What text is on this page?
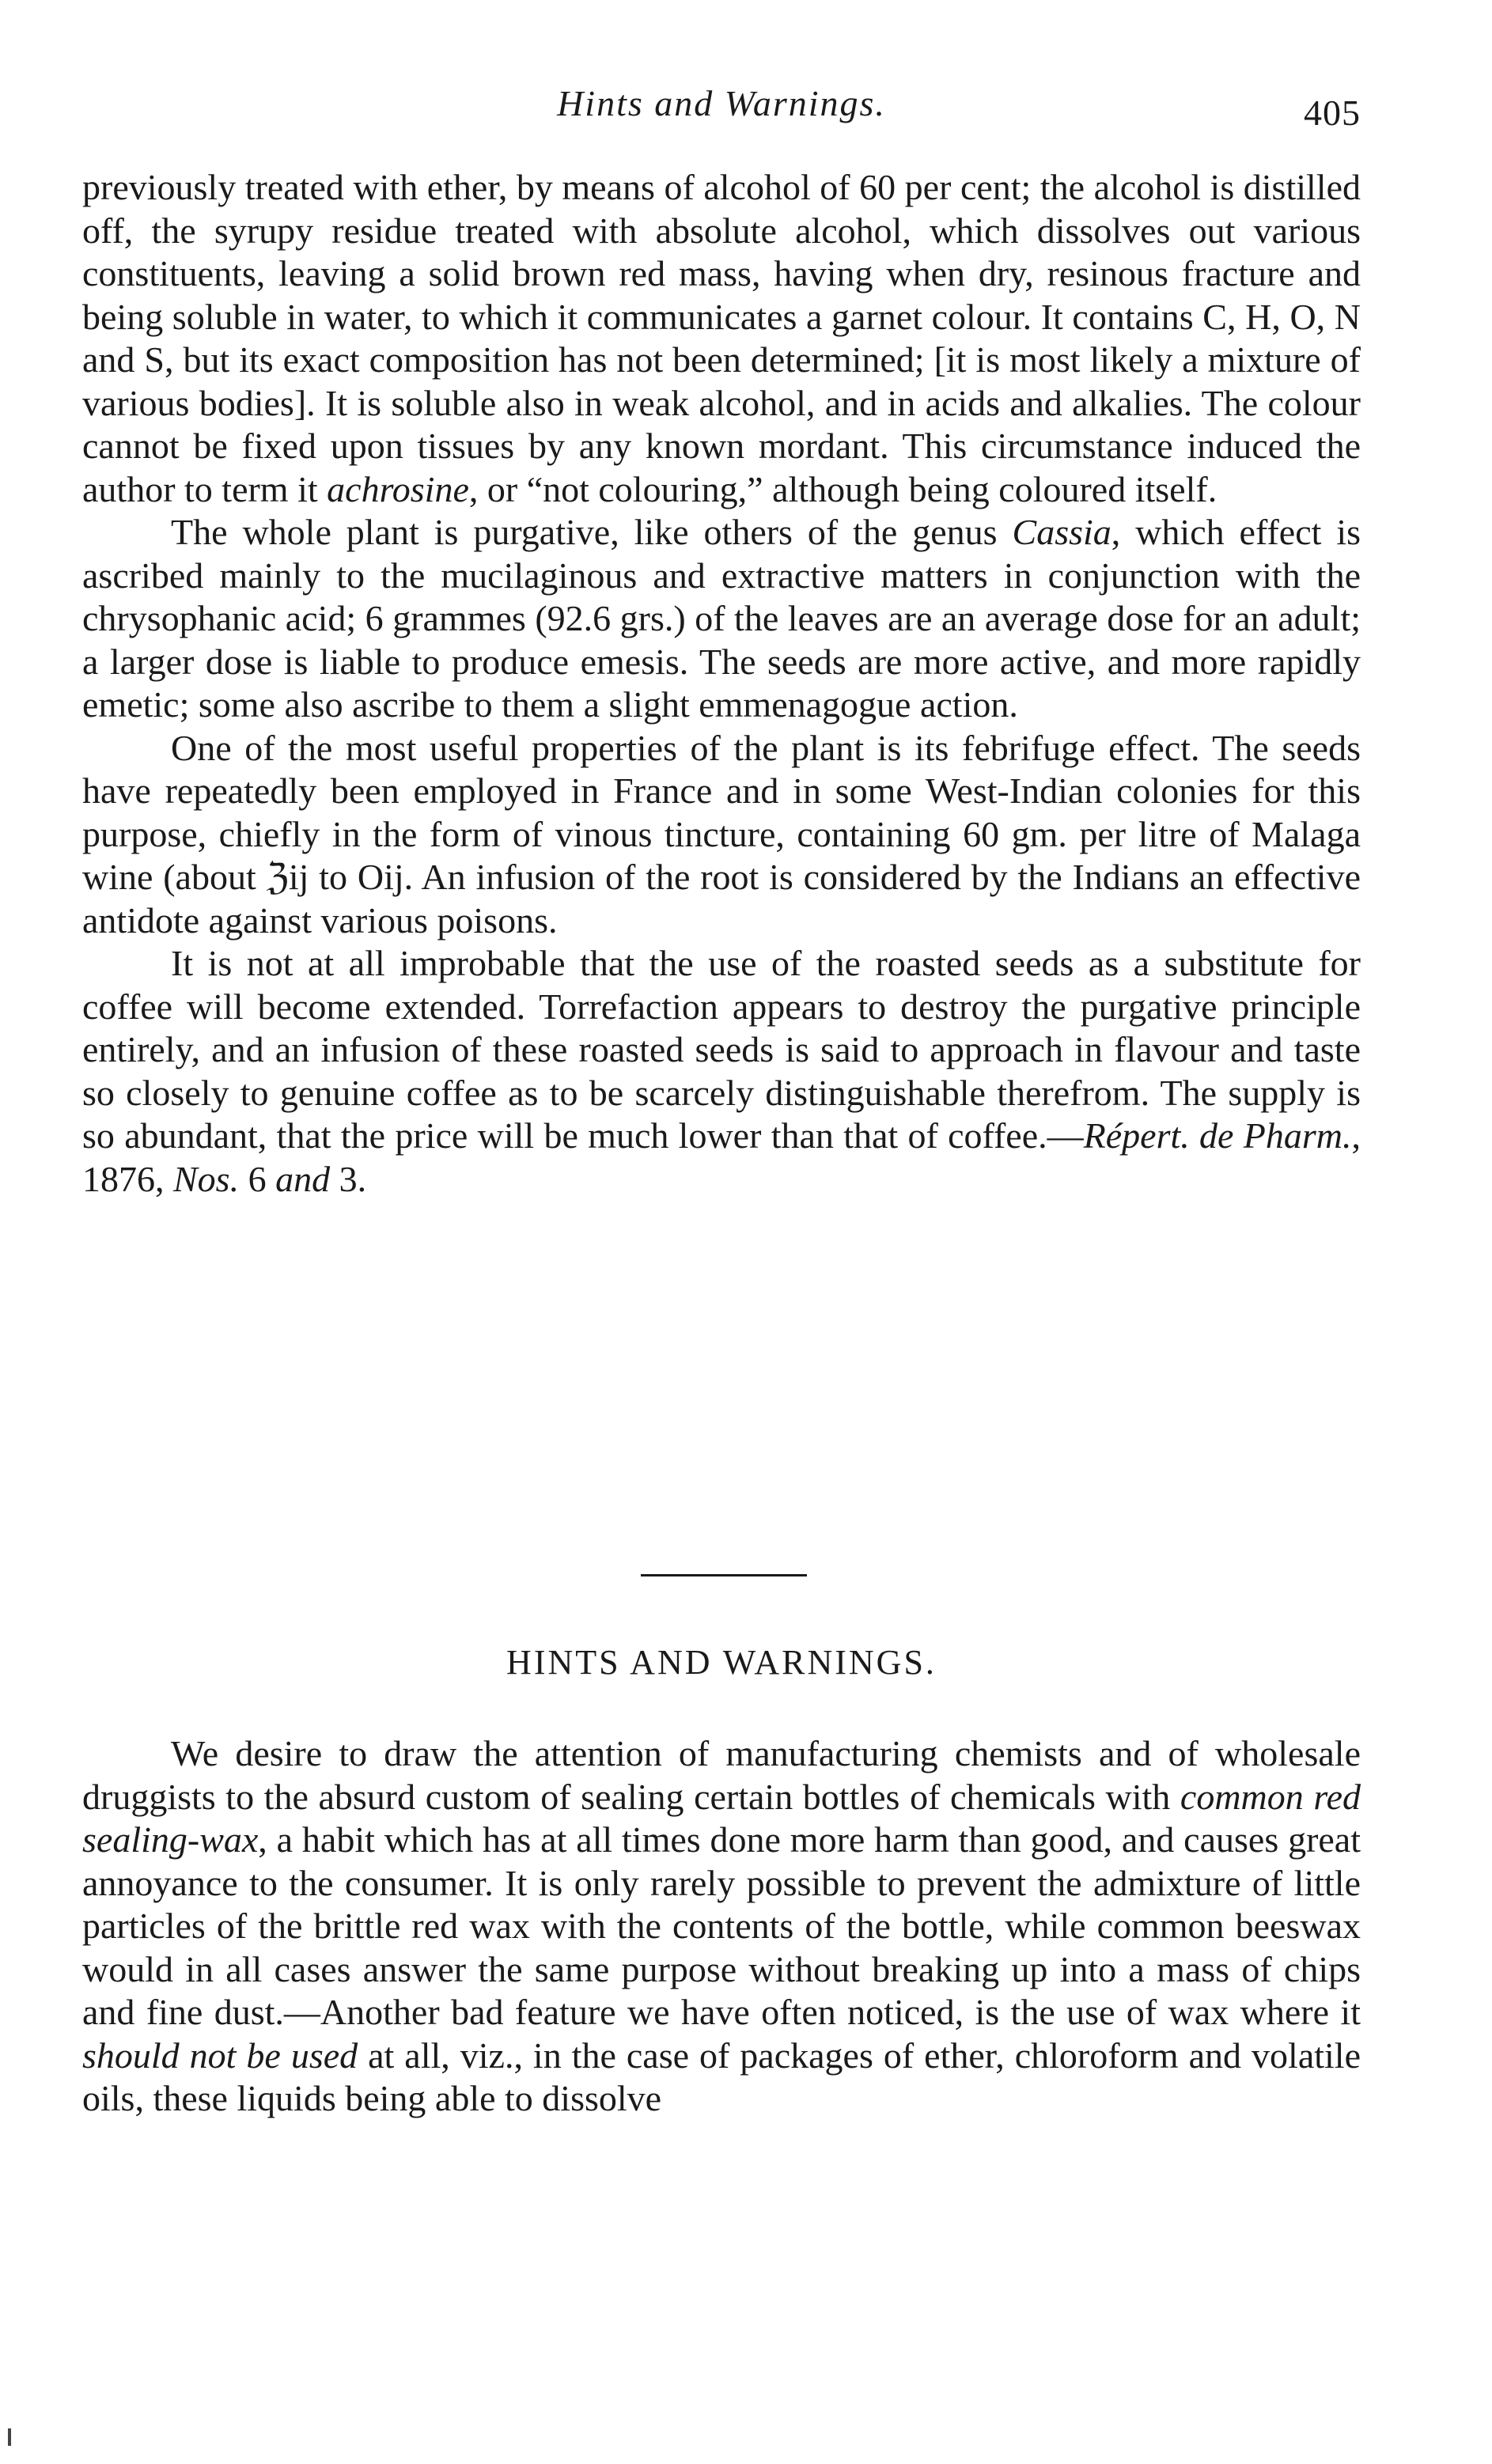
Hints and Warnings.	405

previously treated with ether, by means of alcohol of 60 per cent; the alcohol is distilled off, the syrupy residue treated with absolute alcohol, which dissolves out various constituents, leaving a solid brown red mass, having when dry, resinous fracture and being soluble in water, to which it communicates a garnet colour. It contains C, H, O, N and S, but its exact composition has not been determined; [it is most likely a mixture of various bodies]. It is soluble also in weak alcohol, and in acids and alkalies. The colour cannot be fixed upon tissues by any known mordant. This circumstance induced the author to term it achrosine, or “not colouring,” although being coloured itself.

The whole plant is purgative, like others of the genus Cassia, which effect is ascribed mainly to the mucilaginous and extractive matters in conjunction with the chrysophanic acid; 6 grammes (92.6 grs.) of the leaves are an average dose for an adult; a larger dose is liable to produce emesis. The seeds are more active, and more rapidly emetic; some also ascribe to them a slight emmenagogue action.

One of the most useful properties of the plant is its febrifuge effect. The seeds have repeatedly been employed in France and in some West-Indian colonies for this purpose, chiefly in the form of vinous tincture, containing 60 gm. per litre of Malaga wine (about ℨij to Oij. An infusion of the root is considered by the Indians an effective antidote against various poisons.

It is not at all improbable that the use of the roasted seeds as a substitute for coffee will become extended. Torrefaction appears to destroy the purgative principle entirely, and an infusion of these roasted seeds is said to approach in flavour and taste so closely to genuine coffee as to be scarcely distinguishable therefrom. The supply is so abundant, that the price will be much lower than that of coffee.—Répert. de Pharm., 1876, Nos. 6 and 3.

HINTS AND WARNINGS.

We desire to draw the attention of manufacturing chemists and of wholesale druggists to the absurd custom of sealing certain bottles of chemicals with common red sealing-wax, a habit which has at all times done more harm than good, and causes great annoyance to the consumer. It is only rarely possible to prevent the admixture of little particles of the brittle red wax with the contents of the bottle, while common beeswax would in all cases answer the same purpose without breaking up into a mass of chips and fine dust.—Another bad feature we have often noticed, is the use of wax where it should not be used at all, viz., in the case of packages of ether, chloroform and volatile oils, these liquids being able to dissolve
